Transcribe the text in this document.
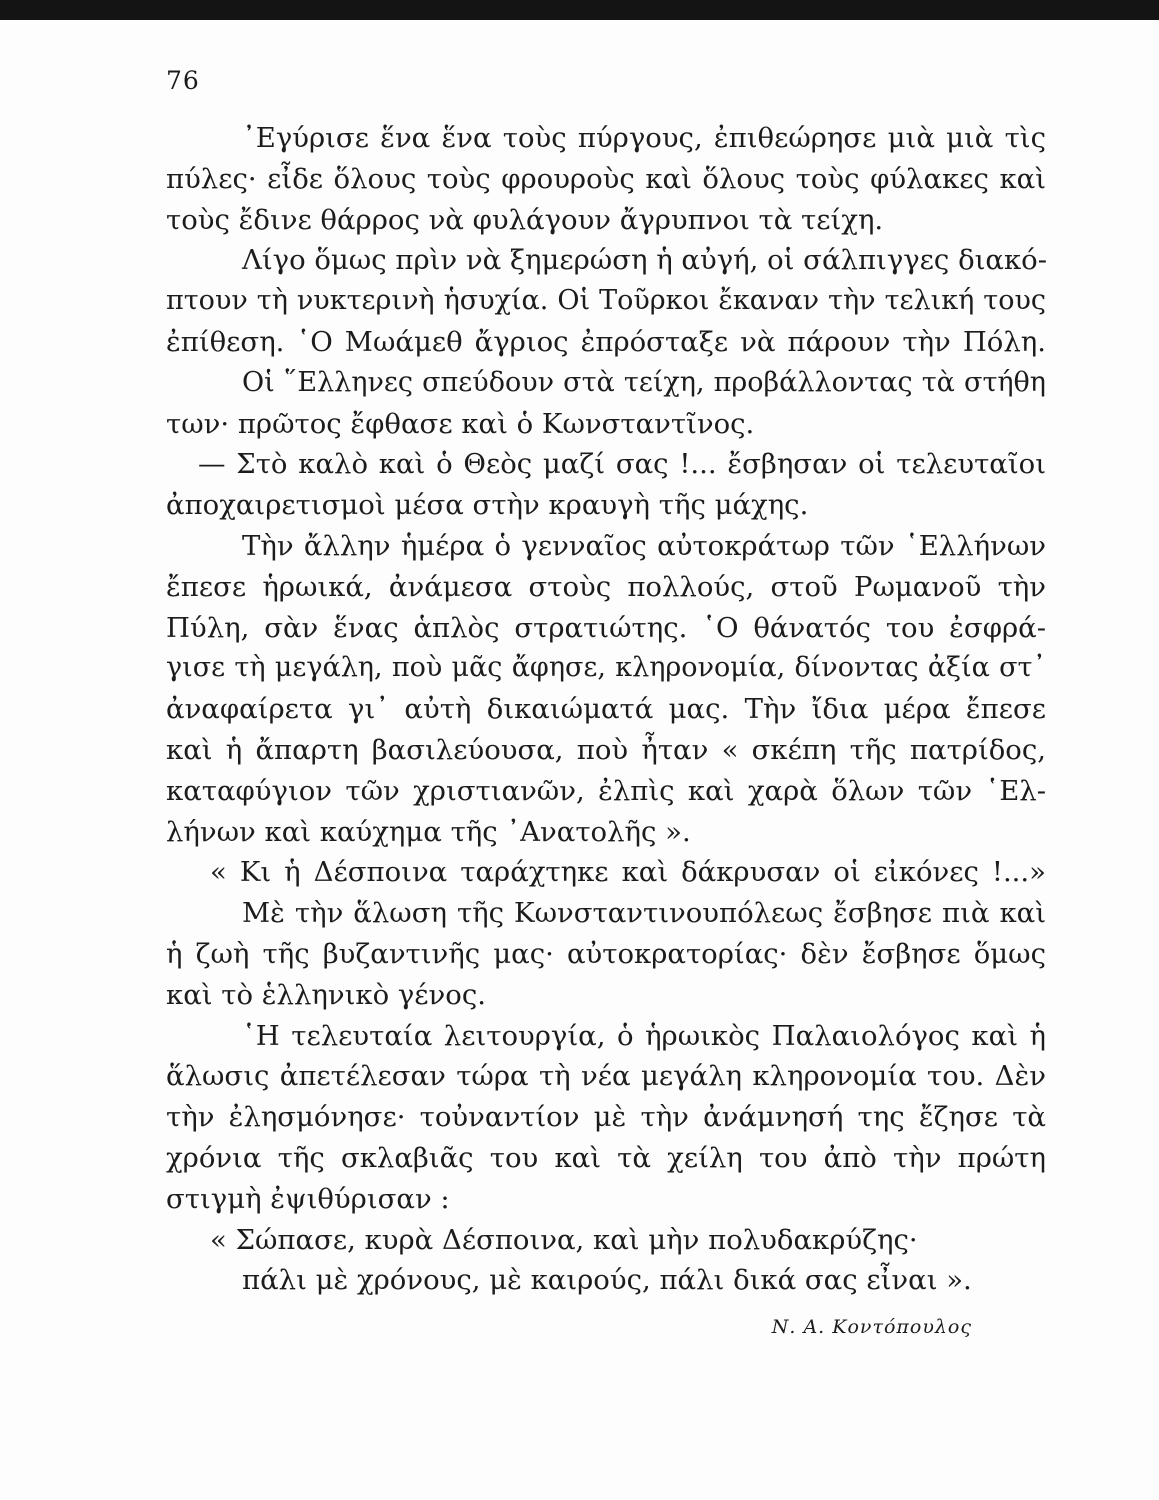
76
᾿Εγύρισε ἕνα ἕνα τοὺς πύργους, ἐπιθεώρησε μιὰ μιὰ τὶς
πύλες· εἶδε ὅλους τοὺς φρουροὺς καὶ ὅλους τοὺς φύλακες καὶ
τοὺς ἔδινε θάρρος νὰ φυλάγουν ἄγρυπνοι τὰ τείχη.
Λίγο ὅμως πρὶν νὰ ξημερώση ἡ αὐγή, οἱ σάλπιγγες διακό-
πτουν τὴ νυκτερινὴ ἡσυχία. Οἱ Τοῦρκοι ἔκαναν τὴν τελική τους
ἐπίθεση. ῾Ο Μωάμεθ ἄγριος ἐπρόσταξε νὰ πάρουν τὴν Πόλη.
Οἱ ῞Ελληνες σπεύδουν στὰ τείχη, προβάλλοντας τὰ στήθη
των· πρῶτος ἔφθασε καὶ ὁ Κωνσταντῖνος.
— Στὸ καλὸ καὶ ὁ Θεὸς μαζί σας !... ἔσβησαν οἱ τελευταῖοι
ἀποχαιρετισμοὶ μέσα στὴν κραυγὴ τῆς μάχης.
Τὴν ἄλλην ἡμέρα ὁ γενναῖος αὐτοκράτωρ τῶν ῾Ελλήνων
ἔπεσε ἡρωικά, ἀνάμεσα στοὺς πολλούς, στοῦ Ρωμανοῦ τὴν
Πύλη, σὰν ἕνας ἁπλὸς στρατιώτης. ῾Ο θάνατός του ἐσφρά-
γισε τὴ μεγάλη, ποὺ μᾶς ἄφησε, κληρονομία, δίνοντας ἀξία στ᾿
ἀναφαίρετα γι᾿ αὐτὴ δικαιώματά μας. Τὴν ἴδια μέρα ἔπεσε
καὶ ἡ ἄπαρτη βασιλεύουσα, ποὺ ἦταν « σκέπη τῆς πατρίδος,
καταφύγιον τῶν χριστιανῶν, ἐλπὶς καὶ χαρὰ ὅλων τῶν ῾Ελ-
λήνων καὶ καύχημα τῆς ᾿Ανατολῆς ».
« Κι ἡ Δέσποινα ταράχτηκε καὶ δάκρυσαν οἱ εἰκόνες !...»
Μὲ τὴν ἅλωση τῆς Κωνσταντινουπόλεως ἔσβησε πιὰ καὶ
ἡ ζωὴ τῆς βυζαντινῆς μας· αὐτοκρατορίας· δὲν ἔσβησε ὅμως
καὶ τὸ ἑλληνικὸ γένος.
῾Η τελευταία λειτουργία, ὁ ἡρωικὸς Παλαιολόγος καὶ ἡ
ἅλωσις ἀπετέλεσαν τώρα τὴ νέα μεγάλη κληρονομία του. Δὲν
τὴν ἐλησμόνησε· τοὐναντίον μὲ τὴν ἀνάμνησή της ἔζησε τὰ
χρόνια τῆς σκλαβιᾶς του καὶ τὰ χείλη του ἀπὸ τὴν πρώτη
στιγμὴ ἐψιθύρισαν :
« Σώπασε, κυρὰ Δέσποινα, καὶ μὴν πολυδακρύζης·
πάλι μὲ χρόνους, μὲ καιρούς, πάλι δικά σας εἶναι ».
Ν. Α. Κοντόπουλος
